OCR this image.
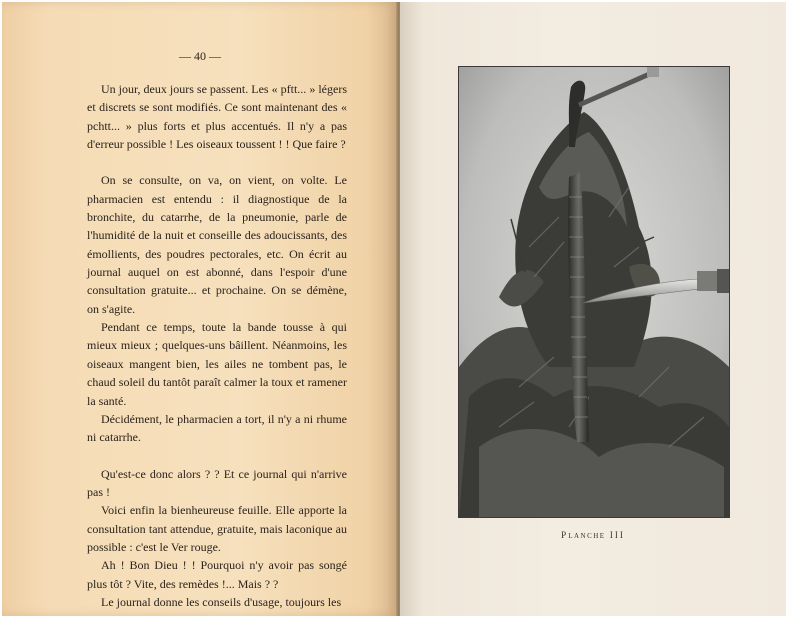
— 40 —

Un jour, deux jours se passent. Les « pftt... » légers et discrets se sont modifiés. Ce sont maintenant des « pchtt... » plus forts et plus accentués. Il n'y a pas d'erreur possible ! Les oiseaux toussent ! ! Que faire ?

On se consulte, on va, on vient, on volte. Le pharmacien est entendu : il diagnostique de la bronchite, du catarrhe, de la pneumonie, parle de l'humidité de la nuit et conseille des adoucissants, des émollients, des poudres pectorales, etc. On écrit au journal auquel on est abonné, dans l'espoir d'une consultation gratuite... et prochaine. On se démène, on s'agite.

Pendant ce temps, toute la bande tousse à qui mieux mieux ; quelques-uns bâillent. Néanmoins, les oiseaux mangent bien, les ailes ne tombent pas, le chaud soleil du tantôt paraît calmer la toux et ramener la santé.

Décidément, le pharmacien a tort, il n'y a ni rhume ni catarrhe.

Qu'est-ce donc alors ? ? Et ce journal qui n'arrive pas !

Voici enfin la bienheureuse feuille. Elle apporte la consultation tant attendue, gratuite, mais laconique au possible : c'est le Ver rouge.

Ah ! Bon Dieu ! ! Pourquoi n'y avoir pas songé plus tôt ? Vite, des remèdes !... Mais ? ?

Le journal donne les conseils d'usage, toujours les

PLANCHE III
